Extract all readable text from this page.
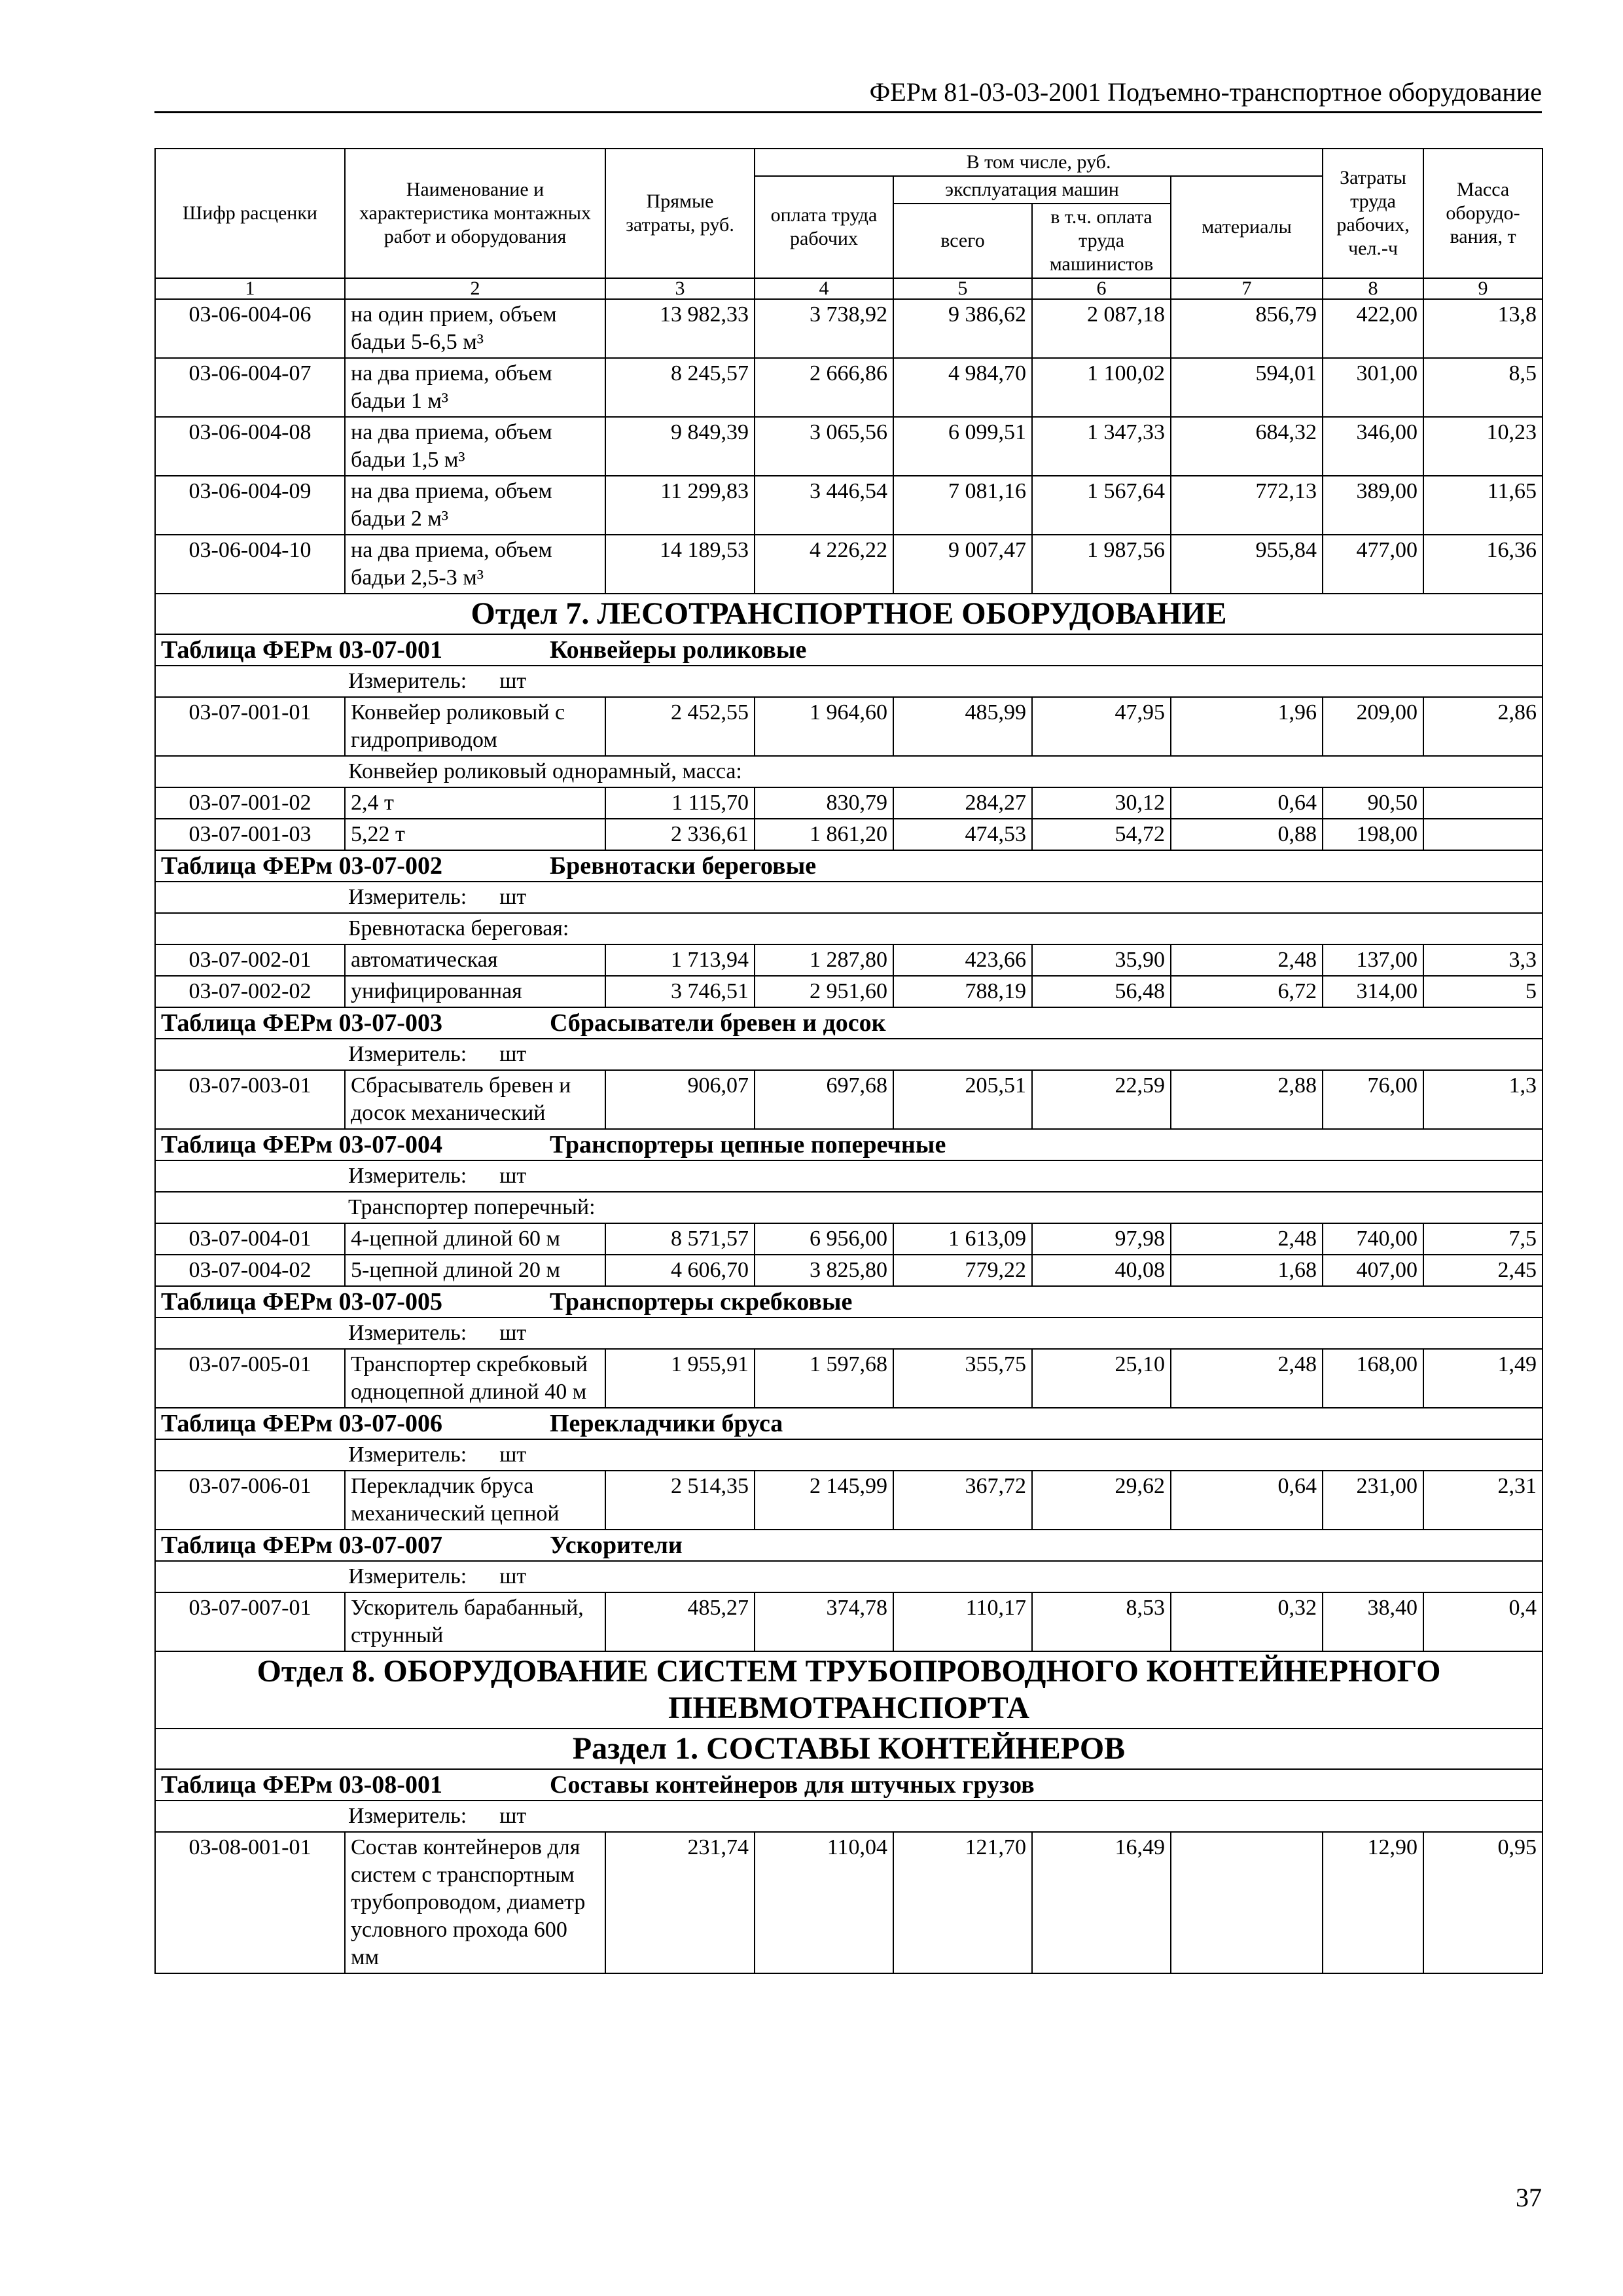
ФЕРм 81-03-03-2001 Подъемно-транспортное оборудование
Шифр расценки	Наименование и характеристика монтажных работ и оборудования	Прямые затраты, руб.	В том числе, руб.				Затраты труда рабочих, чел.-ч	Масса оборудо-вания, т
			оплата труда рабочих	эксплуатация машин		материалы		
				всего	в т.ч. оплата труда машинистов			
1	2	3	4	5	6	7	8	9
03-06-004-06	на один прием, объем бадьи 5-6,5 м³	13 982,33	3 738,92	9 386,62	2 087,18	856,79	422,00	13,8
03-06-004-07	на два приема, объем бадьи 1 м³	8 245,57	2 666,86	4 984,70	1 100,02	594,01	301,00	8,5
03-06-004-08	на два приема, объем бадьи 1,5 м³	9 849,39	3 065,56	6 099,51	1 347,33	684,32	346,00	10,23
03-06-004-09	на два приема, объем бадьи 2 м³	11 299,83	3 446,54	7 081,16	1 567,64	772,13	389,00	11,65
03-06-004-10	на два приема, объем бадьи 2,5-3 м³	14 189,53	4 226,22	9 007,47	1 987,56	955,84	477,00	16,36
Отдел 7. ЛЕСОТРАНСПОРТНОЕ ОБОРУДОВАНИЕ								
Таблица ФЕРм 03-07-001 Конвейеры роликовые								
Измеритель: шт								
03-07-001-01	Конвейер роликовый с гидроприводом	2 452,55	1 964,60	485,99	47,95	1,96	209,00	2,86
Конвейер роликовый однорамный, масса:								
03-07-001-02	2,4 т	1 115,70	830,79	284,27	30,12	0,64	90,50	
03-07-001-03	5,22 т	2 336,61	1 861,20	474,53	54,72	0,88	198,00	
Таблица ФЕРм 03-07-002 Бревнотаски береговые								
Измеритель: шт								
Бревнотаска береговая:								
03-07-002-01	автоматическая	1 713,94	1 287,80	423,66	35,90	2,48	137,00	3,3
03-07-002-02	унифицированная	3 746,51	2 951,60	788,19	56,48	6,72	314,00	5
Таблица ФЕРм 03-07-003 Сбрасыватели бревен и досок								
Измеритель: шт								
03-07-003-01	Сбрасыватель бревен и досок механический	906,07	697,68	205,51	22,59	2,88	76,00	1,3
Таблица ФЕРм 03-07-004 Транспортеры цепные поперечные								
Измеритель: шт								
Транспортер поперечный:								
03-07-004-01	4-цепной длиной 60 м	8 571,57	6 956,00	1 613,09	97,98	2,48	740,00	7,5
03-07-004-02	5-цепной длиной 20 м	4 606,70	3 825,80	779,22	40,08	1,68	407,00	2,45
Таблица ФЕРм 03-07-005 Транспортеры скребковые								
Измеритель: шт								
03-07-005-01	Транспортер скребковый одноцепной длиной 40 м	1 955,91	1 597,68	355,75	25,10	2,48	168,00	1,49
Таблица ФЕРм 03-07-006 Перекладчики бруса								
Измеритель: шт								
03-07-006-01	Перекладчик бруса механический цепной	2 514,35	2 145,99	367,72	29,62	0,64	231,00	2,31
Таблица ФЕРм 03-07-007 Ускорители								
Измеритель: шт								
03-07-007-01	Ускоритель барабанный, струнный	485,27	374,78	110,17	8,53	0,32	38,40	0,4
Отдел 8. ОБОРУДОВАНИЕ СИСТЕМ ТРУБОПРОВОДНОГО КОНТЕЙНЕРНОГО ПНЕВМОТРАНСПОРТА								
Раздел 1. СОСТАВЫ КОНТЕЙНЕРОВ								
Таблица ФЕРм 03-08-001 Составы контейнеров для штучных грузов								
Измеритель: шт								
03-08-001-01	Состав контейнеров для систем с транспортным трубопроводом, диаметр условного прохода 600 мм	231,74	110,04	121,70	16,49		12,90	0,95
37
